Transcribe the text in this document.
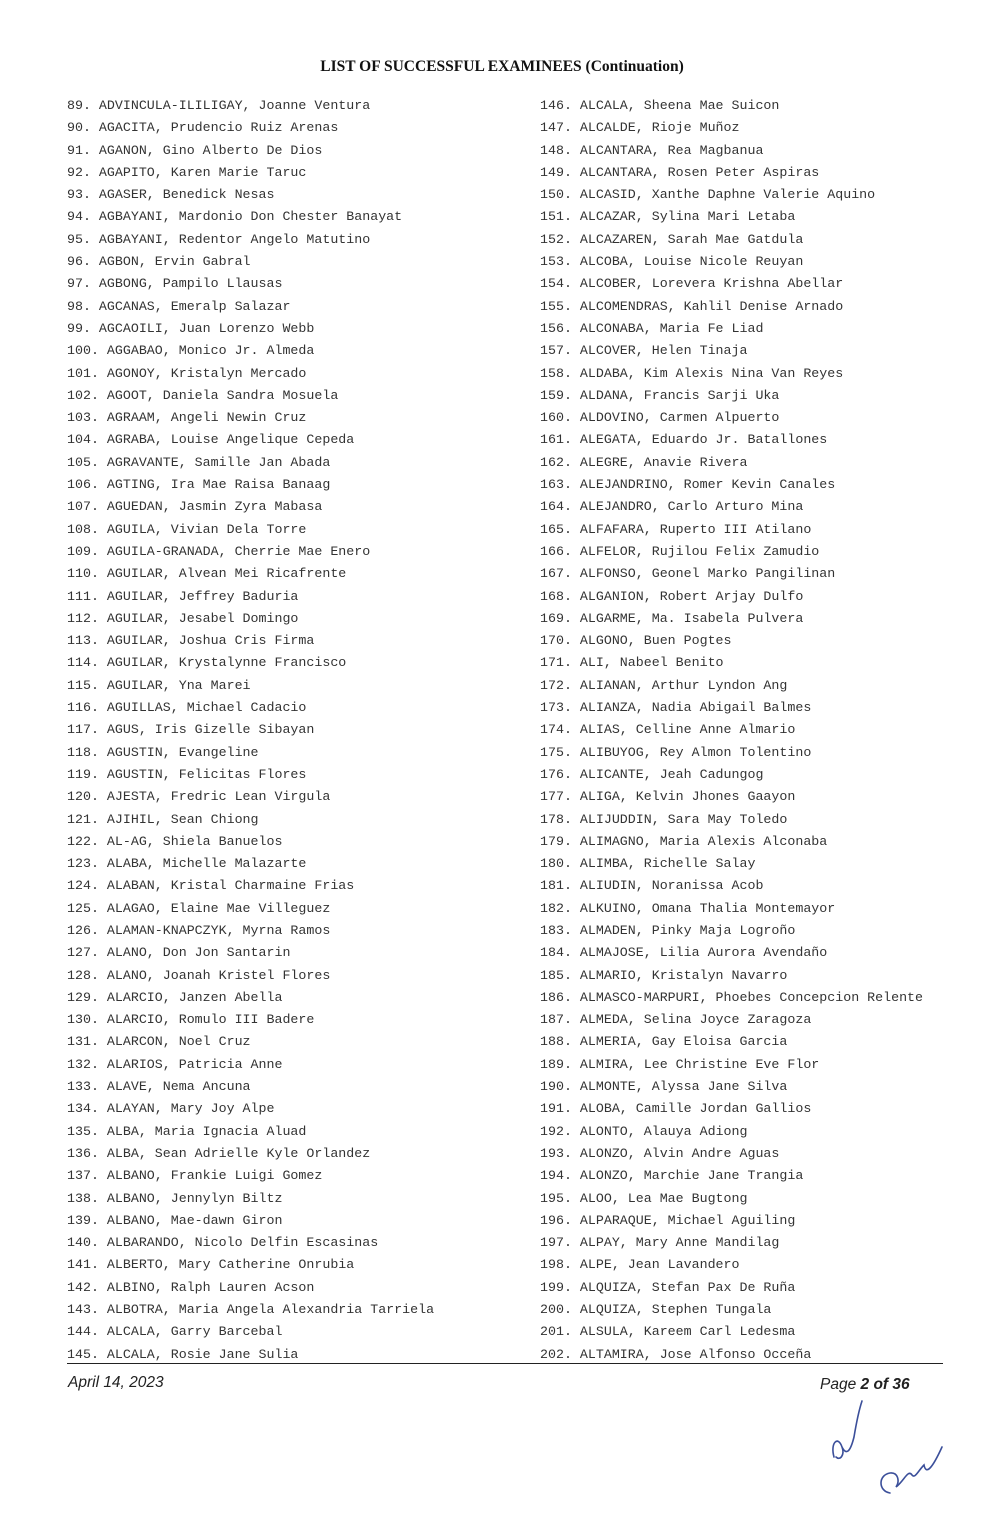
LIST OF SUCCESSFUL EXAMINEES (Continuation)
89. ADVINCULA-ILILIGAY, Joanne Ventura
90. AGACITA, Prudencio Ruiz Arenas
91. AGANON, Gino Alberto De Dios
92. AGAPITO, Karen Marie Taruc
93. AGASER, Benedick Nesas
94. AGBAYANI, Mardonio Don Chester Banayat
95. AGBAYANI, Redentor Angelo Matutino
96. AGBON, Ervin Gabral
97. AGBONG, Pampilo Llausas
98. AGCANAS, Emeralp Salazar
99. AGCAOILI, Juan Lorenzo Webb
100. AGGABAO, Monico Jr. Almeda
101. AGONOY, Kristalyn Mercado
102. AGOOT, Daniela Sandra Mosuela
103. AGRAAM, Angeli Newin Cruz
104. AGRABA, Louise Angelique Cepeda
105. AGRAVANTE, Samille Jan Abada
106. AGTING, Ira Mae Raisa Banaag
107. AGUEDAN, Jasmin Zyra Mabasa
108. AGUILA, Vivian Dela Torre
109. AGUILA-GRANADA, Cherrie Mae Enero
110. AGUILAR, Alvean Mei Ricafrente
111. AGUILAR, Jeffrey Baduria
112. AGUILAR, Jesabel Domingo
113. AGUILAR, Joshua Cris Firma
114. AGUILAR, Krystalynne Francisco
115. AGUILAR, Yna Marei
116. AGUILLAS, Michael Cadacio
117. AGUS, Iris Gizelle Sibayan
118. AGUSTIN, Evangeline
119. AGUSTIN, Felicitas Flores
120. AJESTA, Fredric Lean Virgula
121. AJIHIL, Sean Chiong
122. AL-AG, Shiela Banuelos
123. ALABA, Michelle Malazarte
124. ALABAN, Kristal Charmaine Frias
125. ALAGAO, Elaine Mae Villeguez
126. ALAMAN-KNAPCZYK, Myrna Ramos
127. ALANO, Don Jon Santarin
128. ALANO, Joanah Kristel Flores
129. ALARCIO, Janzen Abella
130. ALARCIO, Romulo III Badere
131. ALARCON, Noel Cruz
132. ALARIOS, Patricia Anne
133. ALAVE, Nema Ancuna
134. ALAYAN, Mary Joy Alpe
135. ALBA, Maria Ignacia Aluad
136. ALBA, Sean Adrielle Kyle Orlandez
137. ALBANO, Frankie Luigi Gomez
138. ALBANO, Jennylyn Biltz
139. ALBANO, Mae-dawn Giron
140. ALBARANDO, Nicolo Delfin Escasinas
141. ALBERTO, Mary Catherine Onrubia
142. ALBINO, Ralph Lauren Acson
143. ALBOTRA, Maria Angela Alexandria Tarriela
144. ALCALA, Garry Barcebal
145. ALCALA, Rosie Jane Sulia
146. ALCALA, Sheena Mae Suicon
147. ALCALDE, Rioje Muñoz
148. ALCANTARA, Rea Magbanua
149. ALCANTARA, Rosen Peter Aspiras
150. ALCASID, Xanthe Daphne Valerie Aquino
151. ALCAZAR, Sylina Mari Letaba
152. ALCAZAREN, Sarah Mae Gatdula
153. ALCOBA, Louise Nicole Reuyan
154. ALCOBER, Lorevera Krishna Abellar
155. ALCOMENDRAS, Kahlil Denise Arnado
156. ALCONABA, Maria Fe Liad
157. ALCOVER, Helen Tinaja
158. ALDABA, Kim Alexis Nina Van Reyes
159. ALDANA, Francis Sarji Uka
160. ALDOVINO, Carmen Alpuerto
161. ALEGATA, Eduardo Jr. Batallones
162. ALEGRE, Anavie Rivera
163. ALEJANDRINO, Romer Kevin Canales
164. ALEJANDRO, Carlo Arturo Mina
165. ALFAFARA, Ruperto III Atilano
166. ALFELOR, Rujilou Felix Zamudio
167. ALFONSO, Geonel Marko Pangilinan
168. ALGANION, Robert Arjay Dulfo
169. ALGARME, Ma. Isabela Pulvera
170. ALGONO, Buen Pogtes
171. ALI, Nabeel Benito
172. ALIANAN, Arthur Lyndon Ang
173. ALIANZA, Nadia Abigail Balmes
174. ALIAS, Celline Anne Almario
175. ALIBUYOG, Rey Almon Tolentino
176. ALICANTE, Jeah Cadungog
177. ALIGA, Kelvin Jhones Gaayon
178. ALIJUDDIN, Sara May Toledo
179. ALIMAGNO, Maria Alexis Alconaba
180. ALIMBA, Richelle Salay
181. ALIUDIN, Noranissa Acob
182. ALKUINO, Omana Thalia Montemayor
183. ALMADEN, Pinky Maja Logroño
184. ALMAJOSE, Lilia Aurora Avendaño
185. ALMARIO, Kristalyn Navarro
186. ALMASCO-MARPURI, Phoebes Concepcion Relente
187. ALMEDA, Selina Joyce Zaragoza
188. ALMERIA, Gay Eloisa Garcia
189. ALMIRA, Lee Christine Eve Flor
190. ALMONTE, Alyssa Jane Silva
191. ALOBA, Camille Jordan Gallios
192. ALONTO, Alauya Adiong
193. ALONZO, Alvin Andre Aguas
194. ALONZO, Marchie Jane Trangia
195. ALOO, Lea Mae Bugtong
196. ALPARAQUE, Michael Aguiling
197. ALPAY, Mary Anne Mandilag
198. ALPE, Jean Lavandero
199. ALQUIZA, Stefan Pax De Ruña
200. ALQUIZA, Stephen Tungala
201. ALSULA, Kareem Carl Ledesma
202. ALTAMIRA, Jose Alfonso Occeña
April 14, 2023	Page 2 of 36
